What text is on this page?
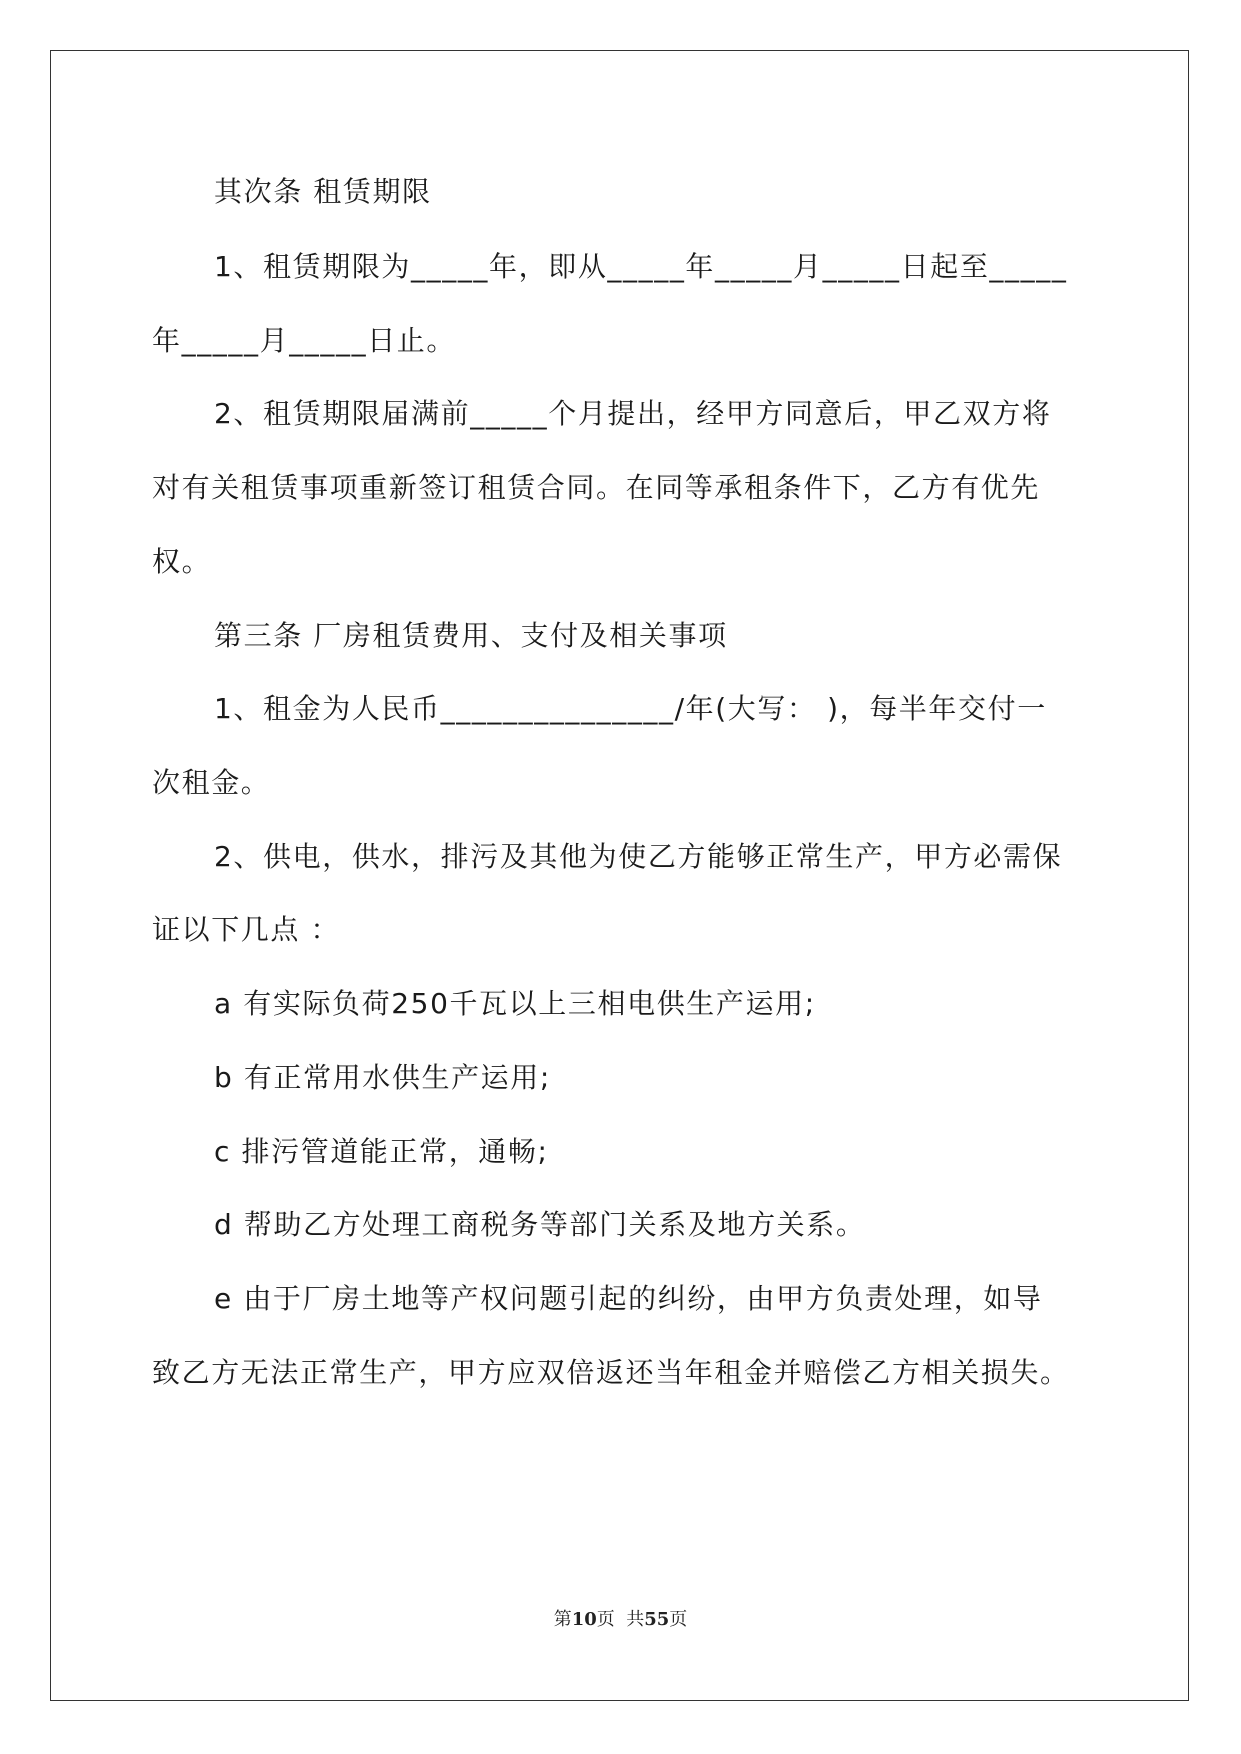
其次条 租赁期限
1、租赁期限为_____年，即从_____年_____月_____日起至_____
年_____月_____日止。
2、租赁期限届满前_____个月提出，经甲方同意后，甲乙双方将
对有关租赁事项重新签订租赁合同。在同等承租条件下，乙方有优先
权。
第三条 厂房租赁费用、支付及相关事项
1、租金为人民币_______________/年(大写： )，每半年交付一
次租金。
2、供电，供水，排污及其他为使乙方能够正常生产，甲方必需保
证以下几点 ：
a 有实际负荷250千瓦以上三相电供生产运用;
b 有正常用水供生产运用;
c 排污管道能正常，通畅;
d 帮助乙方处理工商税务等部门关系及地方关系。
e 由于厂房土地等产权问题引起的纠纷，由甲方负责处理，如导
致乙方无法正常生产，甲方应双倍返还当年租金并赔偿乙方相关损失。
第10页  共55页
